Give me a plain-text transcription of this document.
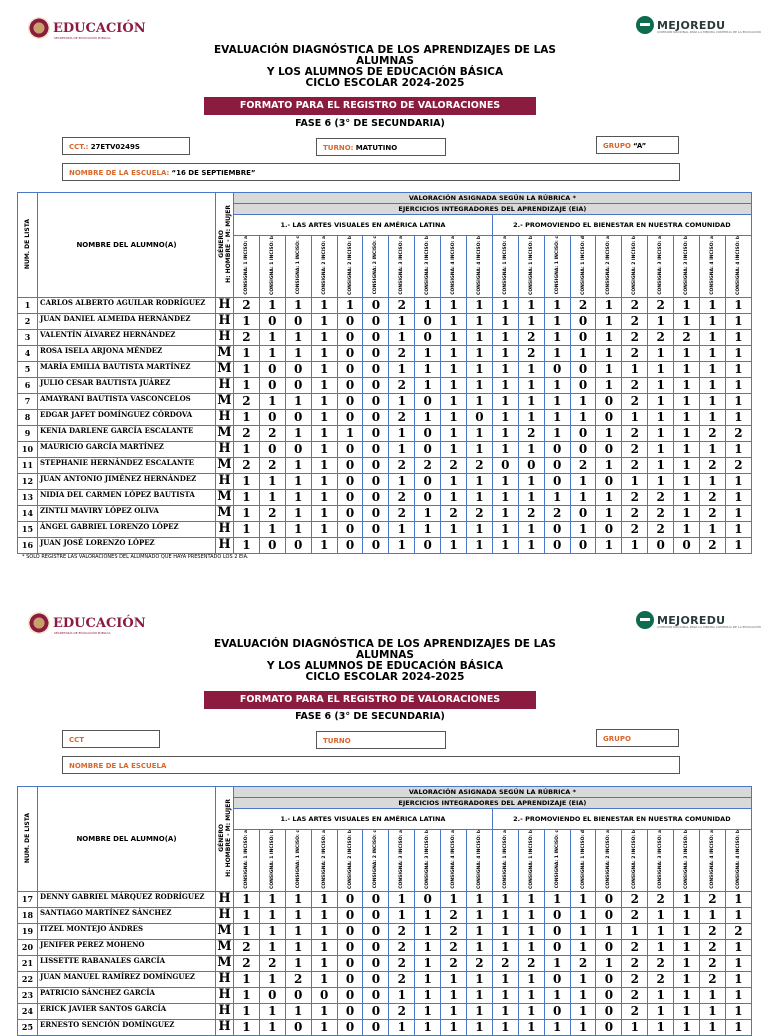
EDUCACIÓN
SECRETARÍA DE EDUCACIÓN PÚBLICA
MEJOREDU
COMISIÓN NACIONAL PARA LA MEJORA CONTINUA DE LA EDUCACIÓN
EVALUACIÓN DIAGNÓSTICA DE LOS APRENDIZAJES DE LAS ALUMNAS
Y LOS ALUMNOS DE EDUCACIÓN BÁSICA
CICLO ESCOLAR 2024-2025
FORMATO PARA EL REGISTRO DE VALORACIONES
FASE 6 (3° DE SECUNDARIA)
CCT.: 27ETV0249S	TURNO: MATUTINO	GRUPO “A”
NOMBRE DE LA ESCUELA: “16 DE SEPTIEMBRE”
NÚM. DE LISTA	NOMBRE DEL ALUMNO(A)	GÉNERO
H: HOMBRE - M: MUJER	VALORACIÓN ASIGNADA SEGÚN LA RÚBRICA *																			
			EJERCICIOS INTEGRADORES DEL APRENDIZAJE (EIA)																			
			1.- LAS ARTES VISUALES EN AMÉRICA LATINA										2.- PROMOVIENDO EL BIENESTAR EN NUESTRA COMUNIDAD									
			CONSIGNA: 1 INCISO: a	CONSIGNA: 1 INCISO: b	CONSIGNA: 1 INCISO: c	CONSIGNA: 2 INCISO: a	CONSIGNA: 2 INCISO: b	CONSIGNA: 2 INCISO: c	CONSIGNA: 3 INCISO: a	CONSIGNA: 3 INCISO: b	CONSIGNA: 4 INCISO: a	CONSIGNA: 4 INCISO: b	CONSIGNA: 1 INCISO: a	CONSIGNA: 1 INCISO: b	CONSIGNA: 1 INCISO: c	CONSIGNA: 1 INCISO: d	CONSIGNA: 2 INCISO: a	CONSIGNA: 2 INCISO: b	CONSIGNA: 3 INCISO: a	CONSIGNA: 3 INCISO: b	CONSIGNA: 4 INCISO: a	CONSIGNA: 4 INCISO: b
1	CARLOS ALBERTO AGUILAR RODRÍGUEZ	H	2	1	1	1	1	0	2	1	1	1	1	1	1	2	1	2	2	1	1	1
2	JUAN DANIEL ALMEIDA HERNÁNDEZ	H	1	0	0	1	0	0	1	0	1	1	1	1	1	0	1	2	1	1	1	1
3	VALENTÍN ÁLVAREZ HERNÁNDEZ	H	2	1	1	1	0	0	1	0	1	1	1	2	1	0	1	2	2	2	1	1
4	ROSA ISELA ARJONA MÉNDEZ	M	1	1	1	1	0	0	2	1	1	1	1	2	1	1	1	2	1	1	1	1
5	MARÍA EMILIA BAUTISTA MARTÍNEZ	M	1	0	0	1	0	0	1	1	1	1	1	1	0	0	1	1	1	1	1	1
6	JULIO CESAR BAUTISTA JUÁREZ	H	1	0	0	1	0	0	2	1	1	1	1	1	1	0	1	2	1	1	1	1
7	AMAYRANI BAUTISTA VASCONCELOS	M	2	1	1	1	0	0	1	0	1	1	1	1	1	1	0	2	1	1	1	1
8	EDGAR JAFET DOMÍNGUEZ CÓRDOVA	H	1	0	0	1	0	0	2	1	1	0	1	1	1	1	0	1	1	1	1	1
9	KENIA DARLENE GARCÍA ESCALANTE	M	2	2	1	1	1	0	1	0	1	1	1	2	1	0	1	2	1	1	2	2
10	MAURICIO GARCÍA MARTÍNEZ	H	1	0	0	1	0	0	1	0	1	1	1	1	0	0	0	2	1	1	1	1
11	STEPHANIE HERNÁNDEZ ESCALANTE	M	2	2	1	1	0	0	2	2	2	2	0	0	0	2	1	2	1	1	2	2
12	JUAN ANTONIO JIMÉNEZ HERNÁNDEZ	H	1	1	1	1	0	0	1	0	1	1	1	1	0	1	0	1	1	1	1	1
13	NIDIA DEL CARMEN LÓPEZ BAUTISTA	M	1	1	1	1	0	0	2	0	1	1	1	1	1	1	1	2	2	1	2	1
14	ZINTLI MAVIRY LÓPEZ OLIVA	M	1	2	1	1	0	0	2	1	2	2	1	2	2	0	1	2	2	1	2	1
15	ÁNGEL GABRIEL LORENZO LÓPEZ	H	1	1	1	1	0	0	1	1	1	1	1	1	0	1	0	2	2	1	1	1
16	JUAN JOSÉ LORENZO LÓPEZ	H	1	0	0	1	0	0	1	0	1	1	1	1	0	0	1	1	0	0	2	1
* SOLO REGISTRE LAS VALORACIONES DEL ALUMNADO QUE HAYA PRESENTADO LOS 2 EIA.
EDUCACIÓN
SECRETARÍA DE EDUCACIÓN PÚBLICA
MEJOREDU
COMISIÓN NACIONAL PARA LA MEJORA CONTINUA DE LA EDUCACIÓN
EVALUACIÓN DIAGNÓSTICA DE LOS APRENDIZAJES DE LAS ALUMNAS
Y LOS ALUMNOS DE EDUCACIÓN BÁSICA
CICLO ESCOLAR 2024-2025
FORMATO PARA EL REGISTRO DE VALORACIONES
FASE 6 (3° DE SECUNDARIA)
CCT	TURNO	GRUPO
NOMBRE DE LA ESCUELA
NÚM. DE LISTA	NOMBRE DEL ALUMNO(A)	GÉNERO
H: HOMBRE - M: MUJER	VALORACIÓN ASIGNADA SEGÚN LA RÚBRICA *																			
			EJERCICIOS INTEGRADORES DEL APRENDIZAJE (EIA)																			
			1.- LAS ARTES VISUALES EN AMÉRICA LATINA										2.- PROMOVIENDO EL BIENESTAR EN NUESTRA COMUNIDAD									
			CONSIGNA: 1 INCISO: a	CONSIGNA: 1 INCISO: b	CONSIGNA: 1 INCISO: c	CONSIGNA: 2 INCISO: a	CONSIGNA: 2 INCISO: b	CONSIGNA: 2 INCISO: c	CONSIGNA: 3 INCISO: a	CONSIGNA: 3 INCISO: b	CONSIGNA: 4 INCISO: a	CONSIGNA: 4 INCISO: b	CONSIGNA: 1 INCISO: a	CONSIGNA: 1 INCISO: b	CONSIGNA: 1 INCISO: c	CONSIGNA: 1 INCISO: d	CONSIGNA: 2 INCISO: a	CONSIGNA: 2 INCISO: b	CONSIGNA: 3 INCISO: a	CONSIGNA: 3 INCISO: b	CONSIGNA: 4 INCISO: a	CONSIGNA: 4 INCISO: b
17	DENNY GABRIEL MÁRQUEZ RODRÍGUEZ	H	1	1	1	1	0	0	1	0	1	1	1	1	1	1	0	2	2	1	2	1
18	SANTIAGO MARTÍNEZ SÁNCHEZ	H	1	1	1	1	0	0	1	1	2	1	1	1	0	1	0	2	1	1	1	1
19	ITZEL MONTEJO ÁNDRES	M	1	1	1	1	0	0	2	1	2	1	1	1	0	1	1	1	1	1	2	2
20	JENIFER PEREZ MOHENO	M	2	1	1	1	0	0	2	1	2	1	1	1	0	1	0	2	1	1	2	1
21	LISSETTE RABANALES GARCÍA	M	2	2	1	1	0	0	2	1	2	2	2	2	1	2	1	2	2	1	2	1
22	JUAN MANUEL RAMÍREZ DOMÍNGUEZ	H	1	1	2	1	0	0	2	1	1	1	1	1	0	1	0	2	2	1	2	1
23	PATRICIO SÁNCHEZ GARCÍA	H	1	0	0	0	0	0	1	1	1	1	1	1	1	1	0	2	1	1	1	1
24	ERICK JAVIER SANTOS GARCÍA	H	1	1	1	1	0	0	2	1	1	1	1	1	0	1	0	2	1	1	1	1
25	ERNESTO SENCIÓN DOMÍNGUEZ	H	1	1	0	1	0	0	1	1	1	1	1	1	1	1	0	1	1	1	1	1
